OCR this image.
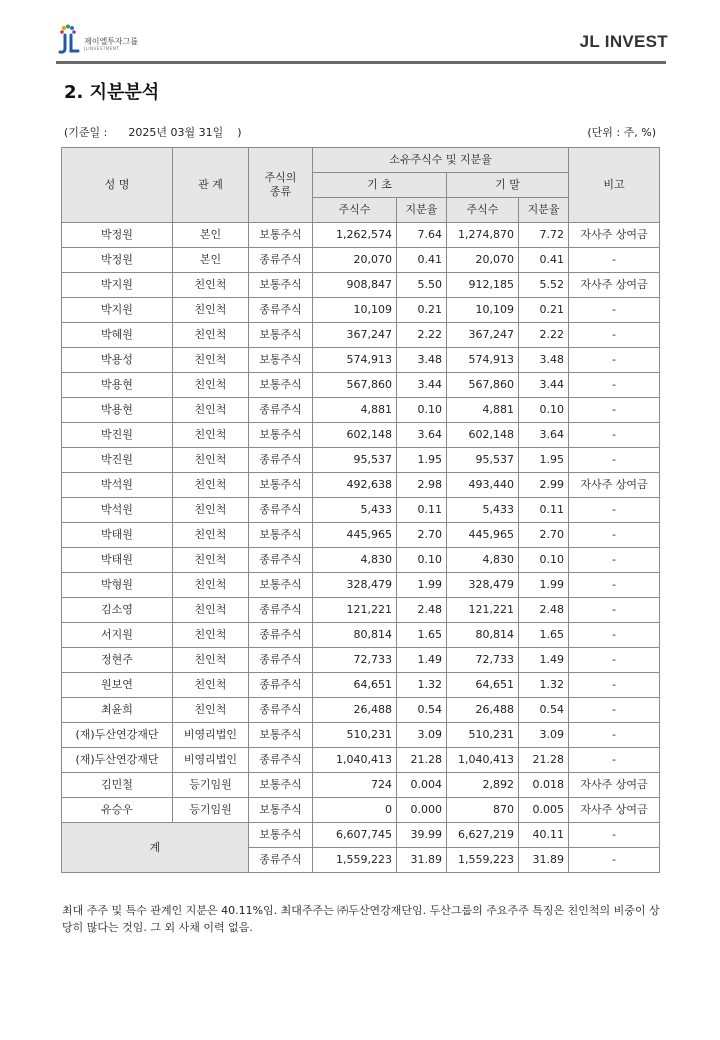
제이엘투자그룹
JLINVESTMENT	JL INVEST
2. 지분분석
(기준일 : 2025년 03월 31일 )	(단위 : 주, %)
성 명	관 계	주식의
종류	소유주식수 및 지분율				비고
			기 초		기 말		
			주식수	지분율	주식수	지분율	
박정원	본인	보통주식	1,262,574	7.64	1,274,870	7.72	자사주 상여금
박정원	본인	종류주식	20,070	0.41	20,070	0.41	-
박지원	친인척	보통주식	908,847	5.50	912,185	5.52	자사주 상여금
박지원	친인척	종류주식	10,109	0.21	10,109	0.21	-
박혜원	친인척	보통주식	367,247	2.22	367,247	2.22	-
박용성	친인척	보통주식	574,913	3.48	574,913	3.48	-
박용현	친인척	보통주식	567,860	3.44	567,860	3.44	-
박용현	친인척	종류주식	4,881	0.10	4,881	0.10	-
박진원	친인척	보통주식	602,148	3.64	602,148	3.64	-
박진원	친인척	종류주식	95,537	1.95	95,537	1.95	-
박석원	친인척	보통주식	492,638	2.98	493,440	2.99	자사주 상여금
박석원	친인척	종류주식	5,433	0.11	5,433	0.11	-
박태원	친인척	보통주식	445,965	2.70	445,965	2.70	-
박태원	친인척	종류주식	4,830	0.10	4,830	0.10	-
박형원	친인척	보통주식	328,479	1.99	328,479	1.99	-
김소영	친인척	종류주식	121,221	2.48	121,221	2.48	-
서지원	친인척	종류주식	80,814	1.65	80,814	1.65	-
정현주	친인척	종류주식	72,733	1.49	72,733	1.49	-
원보연	친인척	종류주식	64,651	1.32	64,651	1.32	-
최윤희	친인척	종류주식	26,488	0.54	26,488	0.54	-
(재)두산연강재단	비영리법인	보통주식	510,231	3.09	510,231	3.09	-
(재)두산연강재단	비영리법인	종류주식	1,040,413	21.28	1,040,413	21.28	-
김민철	등기임원	보통주식	724	0.004	2,892	0.018	자사주 상여금
유승우	등기임원	보통주식	0	0.000	870	0.005	자사주 상여금
계		보통주식	6,607,745	39.99	6,627,219	40.11	-
		종류주식	1,559,223	31.89	1,559,223	31.89	-
최대 주주 및 특수 관계인 지분은 40.11%임. 최대주주는 ㈜두산연강재단임. 두산그룹의 주요주주 특징은 친인척의 비중이 상당히 많다는 것임. 그 외 사채 이력 없음.
